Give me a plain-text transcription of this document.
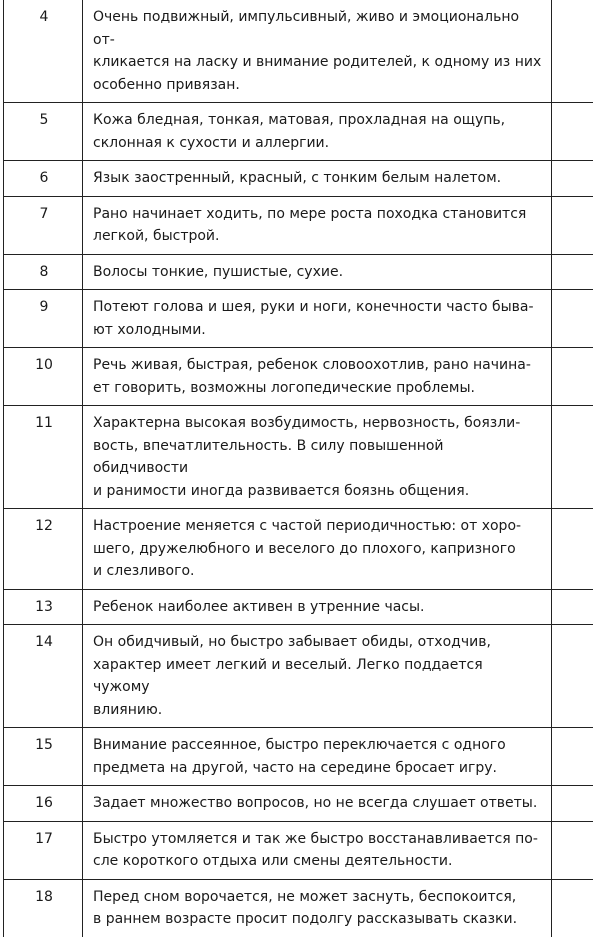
4	Очень подвижный, импульсивный, живо и эмоционально от-
кликается на ласку и внимание родителей, к одному из них
особенно привязан.	
5	Кожа бледная, тонкая, матовая, прохладная на ощупь,
склонная к сухости и аллергии.	
6	Язык заостренный, красный, с тонким белым налетом.	
7	Рано начинает ходить, по мере роста походка становится
легкой, быстрой.	
8	Волосы тонкие, пушистые, сухие.	
9	Потеют голова и шея, руки и ноги, конечности часто быва-
ют холодными.	
10	Речь живая, быстрая, ребенок словоохотлив, рано начина-
ет говорить, возможны логопедические проблемы.	
11	Характерна высокая возбудимость, нервозность, боязли-
вость, впечатлительность. В силу повышенной обидчивости
и ранимости иногда развивается боязнь общения.	
12	Настроение меняется с частой периодичностью: от хоро-
шего, дружелюбного и веселого до плохого, капризного
и слезливого.	
13	Ребенок наиболее активен в утренние часы.	
14	Он обидчивый, но быстро забывает обиды, отходчив,
характер имеет легкий и веселый. Легко поддается чужому
влиянию.	
15	Внимание рассеянное, быстро переключается с одного
предмета на другой, часто на середине бросает игру.	
16	Задает множество вопросов, но не всегда слушает ответы.	
17	Быстро утомляется и так же быстро восстанавливается по-
сле короткого отдыха или смены деятельности.	
18	Перед сном ворочается, не может заснуть, беспокоится,
в раннем возрасте просит подолгу рассказывать сказки.	
